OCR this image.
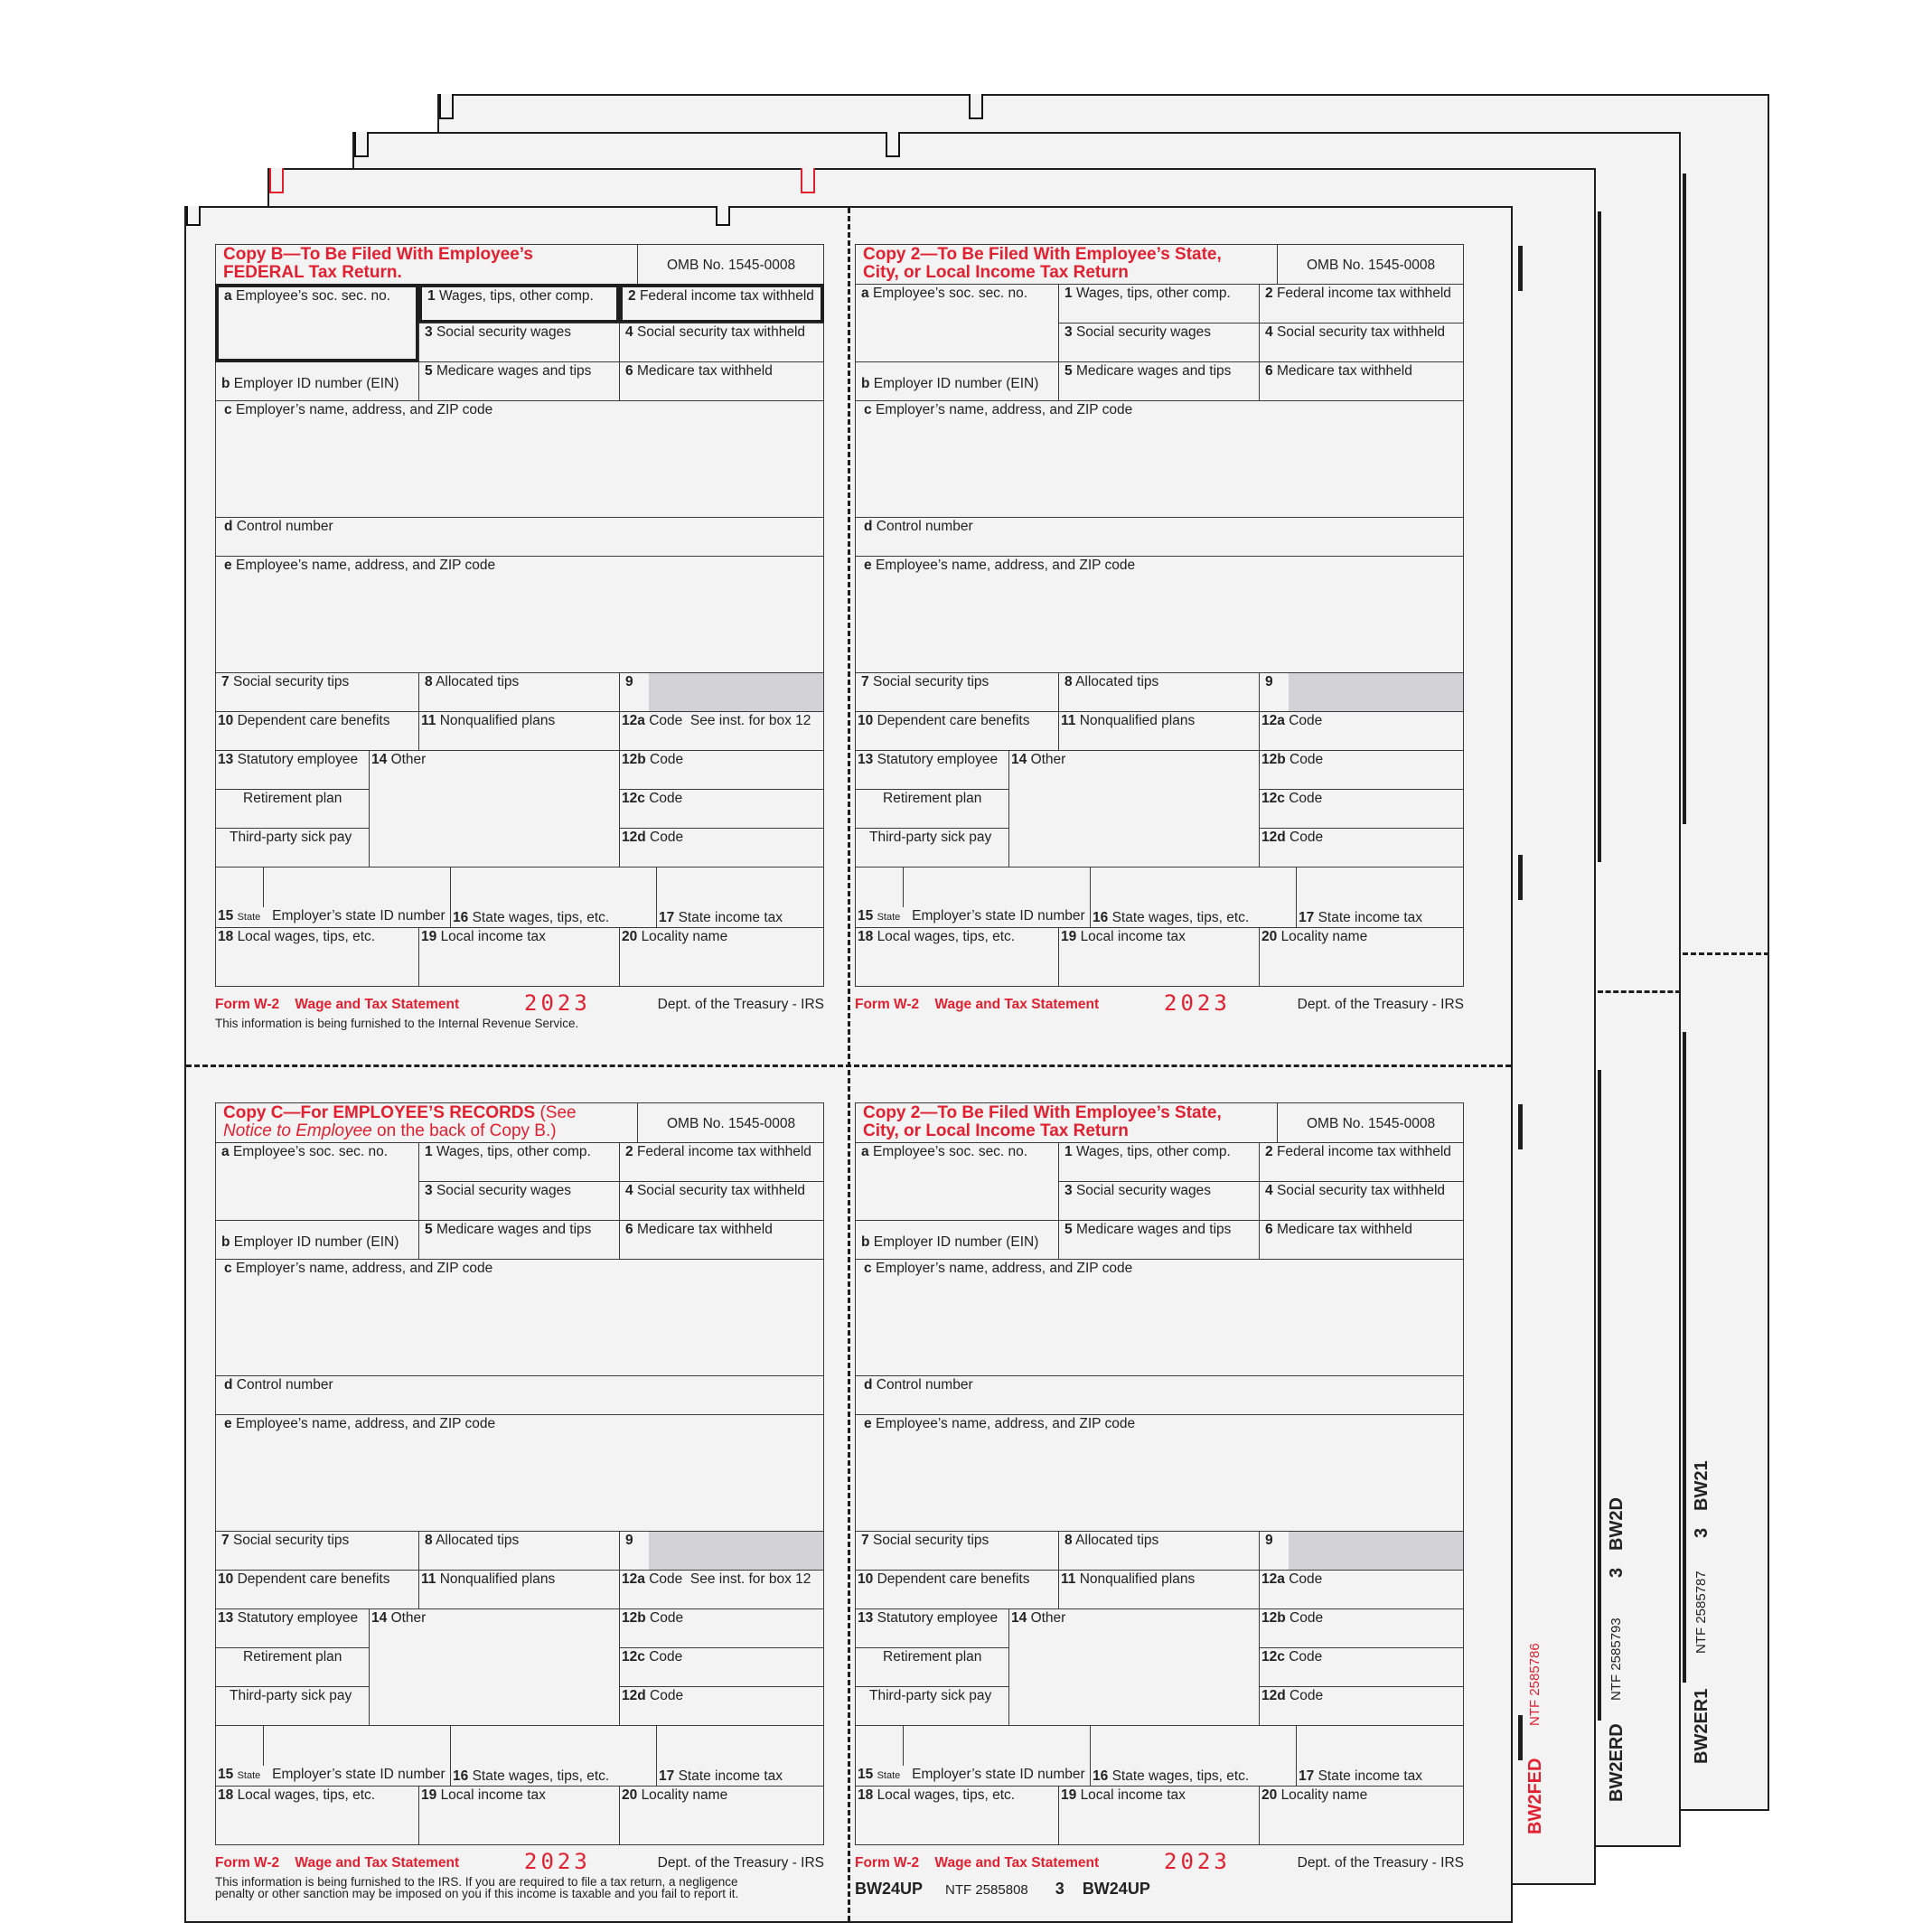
BW2ER1
NTF 2585787
3
BW21
BW2ERD
NTF 2585793
3
BW2D
BW2FED
NTF 2585786
Copy B—To Be Filed With Employee’s
FEDERAL Tax Return.	OMB No. 1545-0008
a Employee’s soc. sec. no.
b Employer ID number (EIN)
1 Wages, tips, other comp. 2 Federal income tax withheld
3 Social security wages	4 Social security tax withheld
5 Medicare wages and tips 6 Medicare tax withheld
c Employer’s name, address, and ZIP code
d Control number
e Employee’s name, address, and ZIP code
7 Social security tips	8 Allocated tips	9
10 Dependent care benefits 11 Nonqualified plans	12a Code See inst. for box 12
13 Statutory employee
Retirement plan
Third-party sick pay
14 Other	12b Code
12c Code
12d Code
15 State Employer’s state ID number 16 State wages, tips, etc.	17 State income tax
18 Local wages, tips, etc.	19 Local income tax	20 Locality name
Form W-2 Wage and Tax Statement	2023	Dept. of the Treasury - IRS
This information is being furnished to the Internal Revenue Service.
Copy 2—To Be Filed With Employee’s State,
City, or Local Income Tax Return	OMB No. 1545-0008
a Employee’s soc. sec. no.
b Employer ID number (EIN)
1 Wages, tips, other comp. 2 Federal income tax withheld
3 Social security wages	4 Social security tax withheld
5 Medicare wages and tips 6 Medicare tax withheld
c Employer’s name, address, and ZIP code
d Control number
e Employee’s name, address, and ZIP code
7 Social security tips	8 Allocated tips	9
10 Dependent care benefits 11 Nonqualified plans	12a Code
13 Statutory employee
Retirement plan
Third-party sick pay
14 Other	12b Code
12c Code
12d Code
15 State Employer’s state ID number 16 State wages, tips, etc.	17 State income tax
18 Local wages, tips, etc.	19 Local income tax	20 Locality name
Form W-2 Wage and Tax Statement	2023	Dept. of the Treasury - IRS
Copy C—For EMPLOYEE’S RECORDS (See
Notice to Employee on the back of Copy B.)	OMB No. 1545-0008
a Employee’s soc. sec. no.
b Employer ID number (EIN)
1 Wages, tips, other comp. 2 Federal income tax withheld
3 Social security wages	4 Social security tax withheld
5 Medicare wages and tips 6 Medicare tax withheld
c Employer’s name, address, and ZIP code
d Control number
e Employee’s name, address, and ZIP code
7 Social security tips	8 Allocated tips	9
10 Dependent care benefits 11 Nonqualified plans	12a Code See inst. for box 12
13 Statutory employee
Retirement plan
Third-party sick pay
14 Other	12b Code
12c Code
12d Code
15 State Employer’s state ID number 16 State wages, tips, etc.	17 State income tax
18 Local wages, tips, etc.	19 Local income tax	20 Locality name
Form W-2 Wage and Tax Statement	2023	Dept. of the Treasury - IRS
This information is being furnished to the IRS. If you are required to file a tax return, a negligence
penalty or other sanction may be imposed on you if this income is taxable and you fail to report it.
Copy 2—To Be Filed With Employee’s State,
City, or Local Income Tax Return	OMB No. 1545-0008
a Employee’s soc. sec. no.
b Employer ID number (EIN)
1 Wages, tips, other comp. 2 Federal income tax withheld
3 Social security wages	4 Social security tax withheld
5 Medicare wages and tips 6 Medicare tax withheld
c Employer’s name, address, and ZIP code
d Control number
e Employee’s name, address, and ZIP code
7 Social security tips	8 Allocated tips	9
10 Dependent care benefits 11 Nonqualified plans	12a Code
13 Statutory employee
Retirement plan
Third-party sick pay
14 Other	12b Code
12c Code
12d Code
15 State Employer’s state ID number 16 State wages, tips, etc.	17 State income tax
18 Local wages, tips, etc.	19 Local income tax	20 Locality name
Form W-2 Wage and Tax Statement	2023	Dept. of the Treasury - IRS
BW24UP NTF 2585808 3 BW24UP
